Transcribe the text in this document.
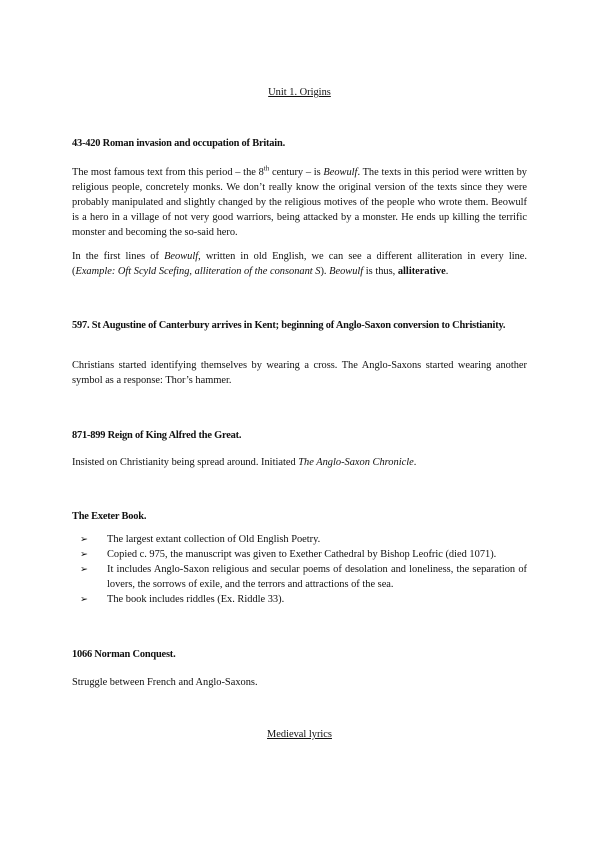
Unit 1. Origins
43-420 Roman invasion and occupation of Britain.
The most famous text from this period – the 8th century – is Beowulf. The texts in this period were written by religious people, concretely monks. We don’t really know the original version of the texts since they were probably manipulated and slightly changed by the religious motives of the people who wrote them. Beowulf is a hero in a village of not very good warriors, being attacked by a monster. He ends up killing the terrific monster and becoming the so-said hero.
In the first lines of Beowulf, written in old English, we can see a different alliteration in every line. (Example: Oft Scyld Scefing, alliteration of the consonant S). Beowulf is thus, alliterative.
597. St Augustine of Canterbury arrives in Kent; beginning of Anglo-Saxon conversion to Christianity.
Christians started identifying themselves by wearing a cross. The Anglo-Saxons started wearing another symbol as a response: Thor’s hammer.
871-899 Reign of King Alfred the Great.
Insisted on Christianity being spread around. Initiated The Anglo-Saxon Chronicle.
The Exeter Book.
➢ The largest extant collection of Old English Poetry.
➢ Copied c. 975, the manuscript was given to Exether Cathedral by Bishop Leofric (died 1071).
➢ It includes Anglo-Saxon religious and secular poems of desolation and loneliness, the separation of lovers, the sorrows of exile, and the terrors and attractions of the sea.
➢ The book includes riddles (Ex. Riddle 33).
1066 Norman Conquest.
Struggle between French and Anglo-Saxons.
Medieval lyrics
